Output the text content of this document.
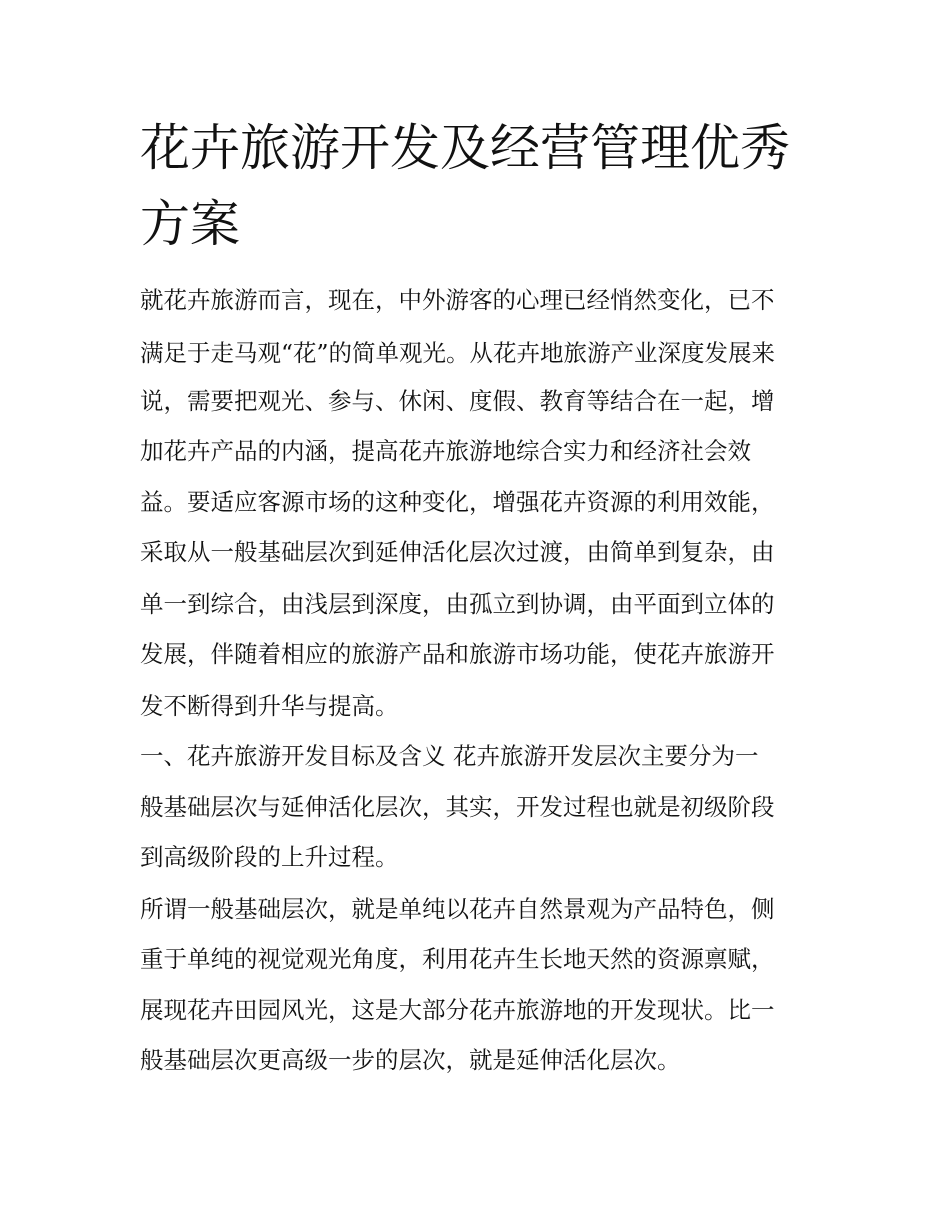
花卉旅游开发及经营管理优秀
方案
就花卉旅游而言，现在，中外游客的心理已经悄然变化，已不
满足于走马观“花”的简单观光。从花卉地旅游产业深度发展来
说，需要把观光、参与、休闲、度假、教育等结合在一起，增
加花卉产品的内涵，提高花卉旅游地综合实力和经济社会效
益。要适应客源市场的这种变化，增强花卉资源的利用效能，
采取从一般基础层次到延伸活化层次过渡，由简单到复杂，由
单一到综合，由浅层到深度，由孤立到协调，由平面到立体的
发展，伴随着相应的旅游产品和旅游市场功能，使花卉旅游开
发不断得到升华与提高。
一、花卉旅游开发目标及含义 花卉旅游开发层次主要分为一
般基础层次与延伸活化层次，其实，开发过程也就是初级阶段
到高级阶段的上升过程。
所谓一般基础层次，就是单纯以花卉自然景观为产品特色，侧
重于单纯的视觉观光角度，利用花卉生长地天然的资源禀赋，
展现花卉田园风光，这是大部分花卉旅游地的开发现状。比一
般基础层次更高级一步的层次，就是延伸活化层次。
